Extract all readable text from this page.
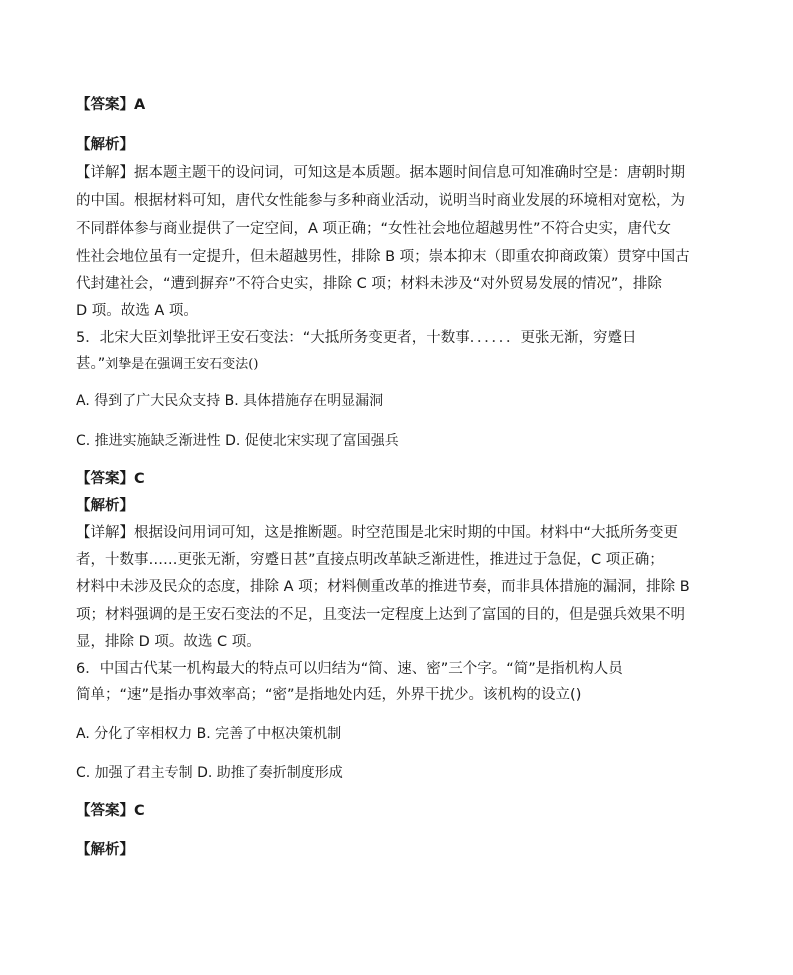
【答案】A
【解析】
【详解】据本题主题干的设问词，可知这是本质题。据本题时间信息可知准确时空是：唐朝时期
的中国。根据材料可知，唐代女性能参与多种商业活动，说明当时商业发展的环境相对宽松，为
不同群体参与商业提供了一定空间，A 项正确；“女性社会地位超越男性”不符合史实，唐代女
性社会地位虽有一定提升，但未超越男性，排除 B 项；崇本抑末（即重农抑商政策）贯穿中国古
代封建社会，“遭到摒弃”不符合史实，排除 C 项；材料未涉及“对外贸易发展的情况”，排除
D 项。故选 A 项。
5．北宋大臣刘挚批评王安石变法：“大抵所务变更者，十数事．．．．．．更张无渐，穷蹙日
甚。”刘挚是在强调王安石变法()
A. 得到了广大民众支持 B. 具体措施存在明显漏洞
C. 推进实施缺乏渐进性 D. 促使北宋实现了富国强兵
【答案】C
【解析】
【详解】根据设问用词可知，这是推断题。时空范围是北宋时期的中国。材料中“大抵所务变更
者，十数事……更张无渐，穷蹙日甚”直接点明改革缺乏渐进性，推进过于急促，C 项正确；
材料中未涉及民众的态度，排除 A 项；材料侧重改革的推进节奏，而非具体措施的漏洞，排除 B
项；材料强调的是王安石变法的不足，且变法一定程度上达到了富国的目的，但是强兵效果不明
显，排除 D 项。故选 C 项。
6．中国古代某一机构最大的特点可以归结为“简、速、密”三个字。“简”是指机构人员
简单；“速”是指办事效率高；“密”是指地处内廷，外界干扰少。该机构的设立()
A. 分化了宰相权力 B. 完善了中枢决策机制
C. 加强了君主专制 D. 助推了奏折制度形成
【答案】C
【解析】
